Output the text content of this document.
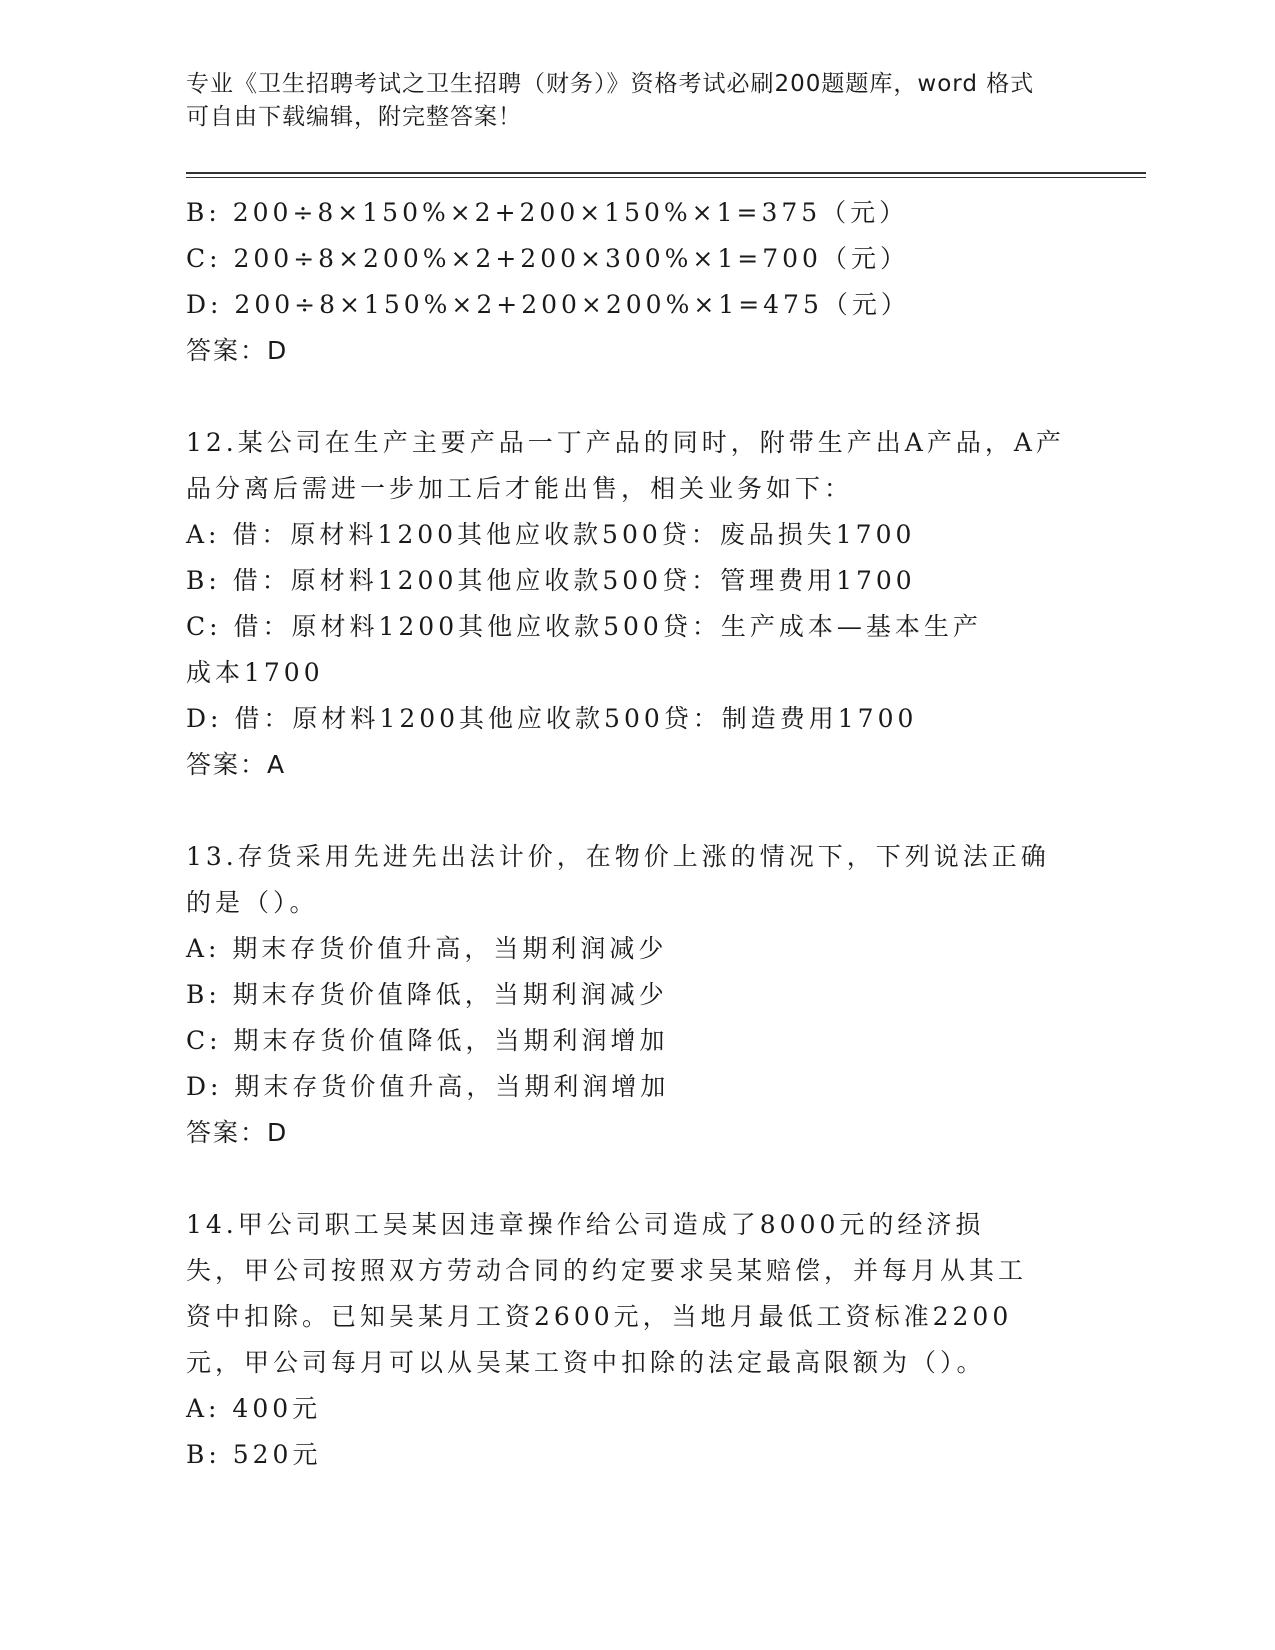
专业《卫生招聘考试之卫生招聘（财务）》资格考试必刷200题题库，word 格式
可自由下载编辑，附完整答案！

B: 200÷8×150%×2+200×150%×1=375（元）

C: 200÷8×200%×2+200×300%×1=700（元）

D: 200÷8×150%×2+200×200%×1=475（元）

答案：D

12.某公司在生产主要产品一丁产品的同时，附带生产出A产品，A产品分离后需进一步加工后才能出售，相关业务如下：

A: 借：原材料1200其他应收款500贷：废品损失1700

B: 借：原材料1200其他应收款500贷：管理费用1700

C: 借：原材料1200其他应收款500贷：生产成本—基本生产成本1700

D: 借：原材料1200其他应收款500贷：制造费用1700

答案：A

13.存货采用先进先出法计价，在物价上涨的情况下，下列说法正确的是（）。

A: 期末存货价值升高，当期利润减少

B: 期末存货价值降低，当期利润减少

C: 期末存货价值降低，当期利润增加

D: 期末存货价值升高，当期利润增加

答案：D

14.甲公司职工吴某因违章操作给公司造成了8000元的经济损失，甲公司按照双方劳动合同的约定要求吴某赔偿，并每月从其工资中扣除。已知吴某月工资2600元，当地月最低工资标准2200元，甲公司每月可以从吴某工资中扣除的法定最高限额为（）。

A: 400元

B: 520元
